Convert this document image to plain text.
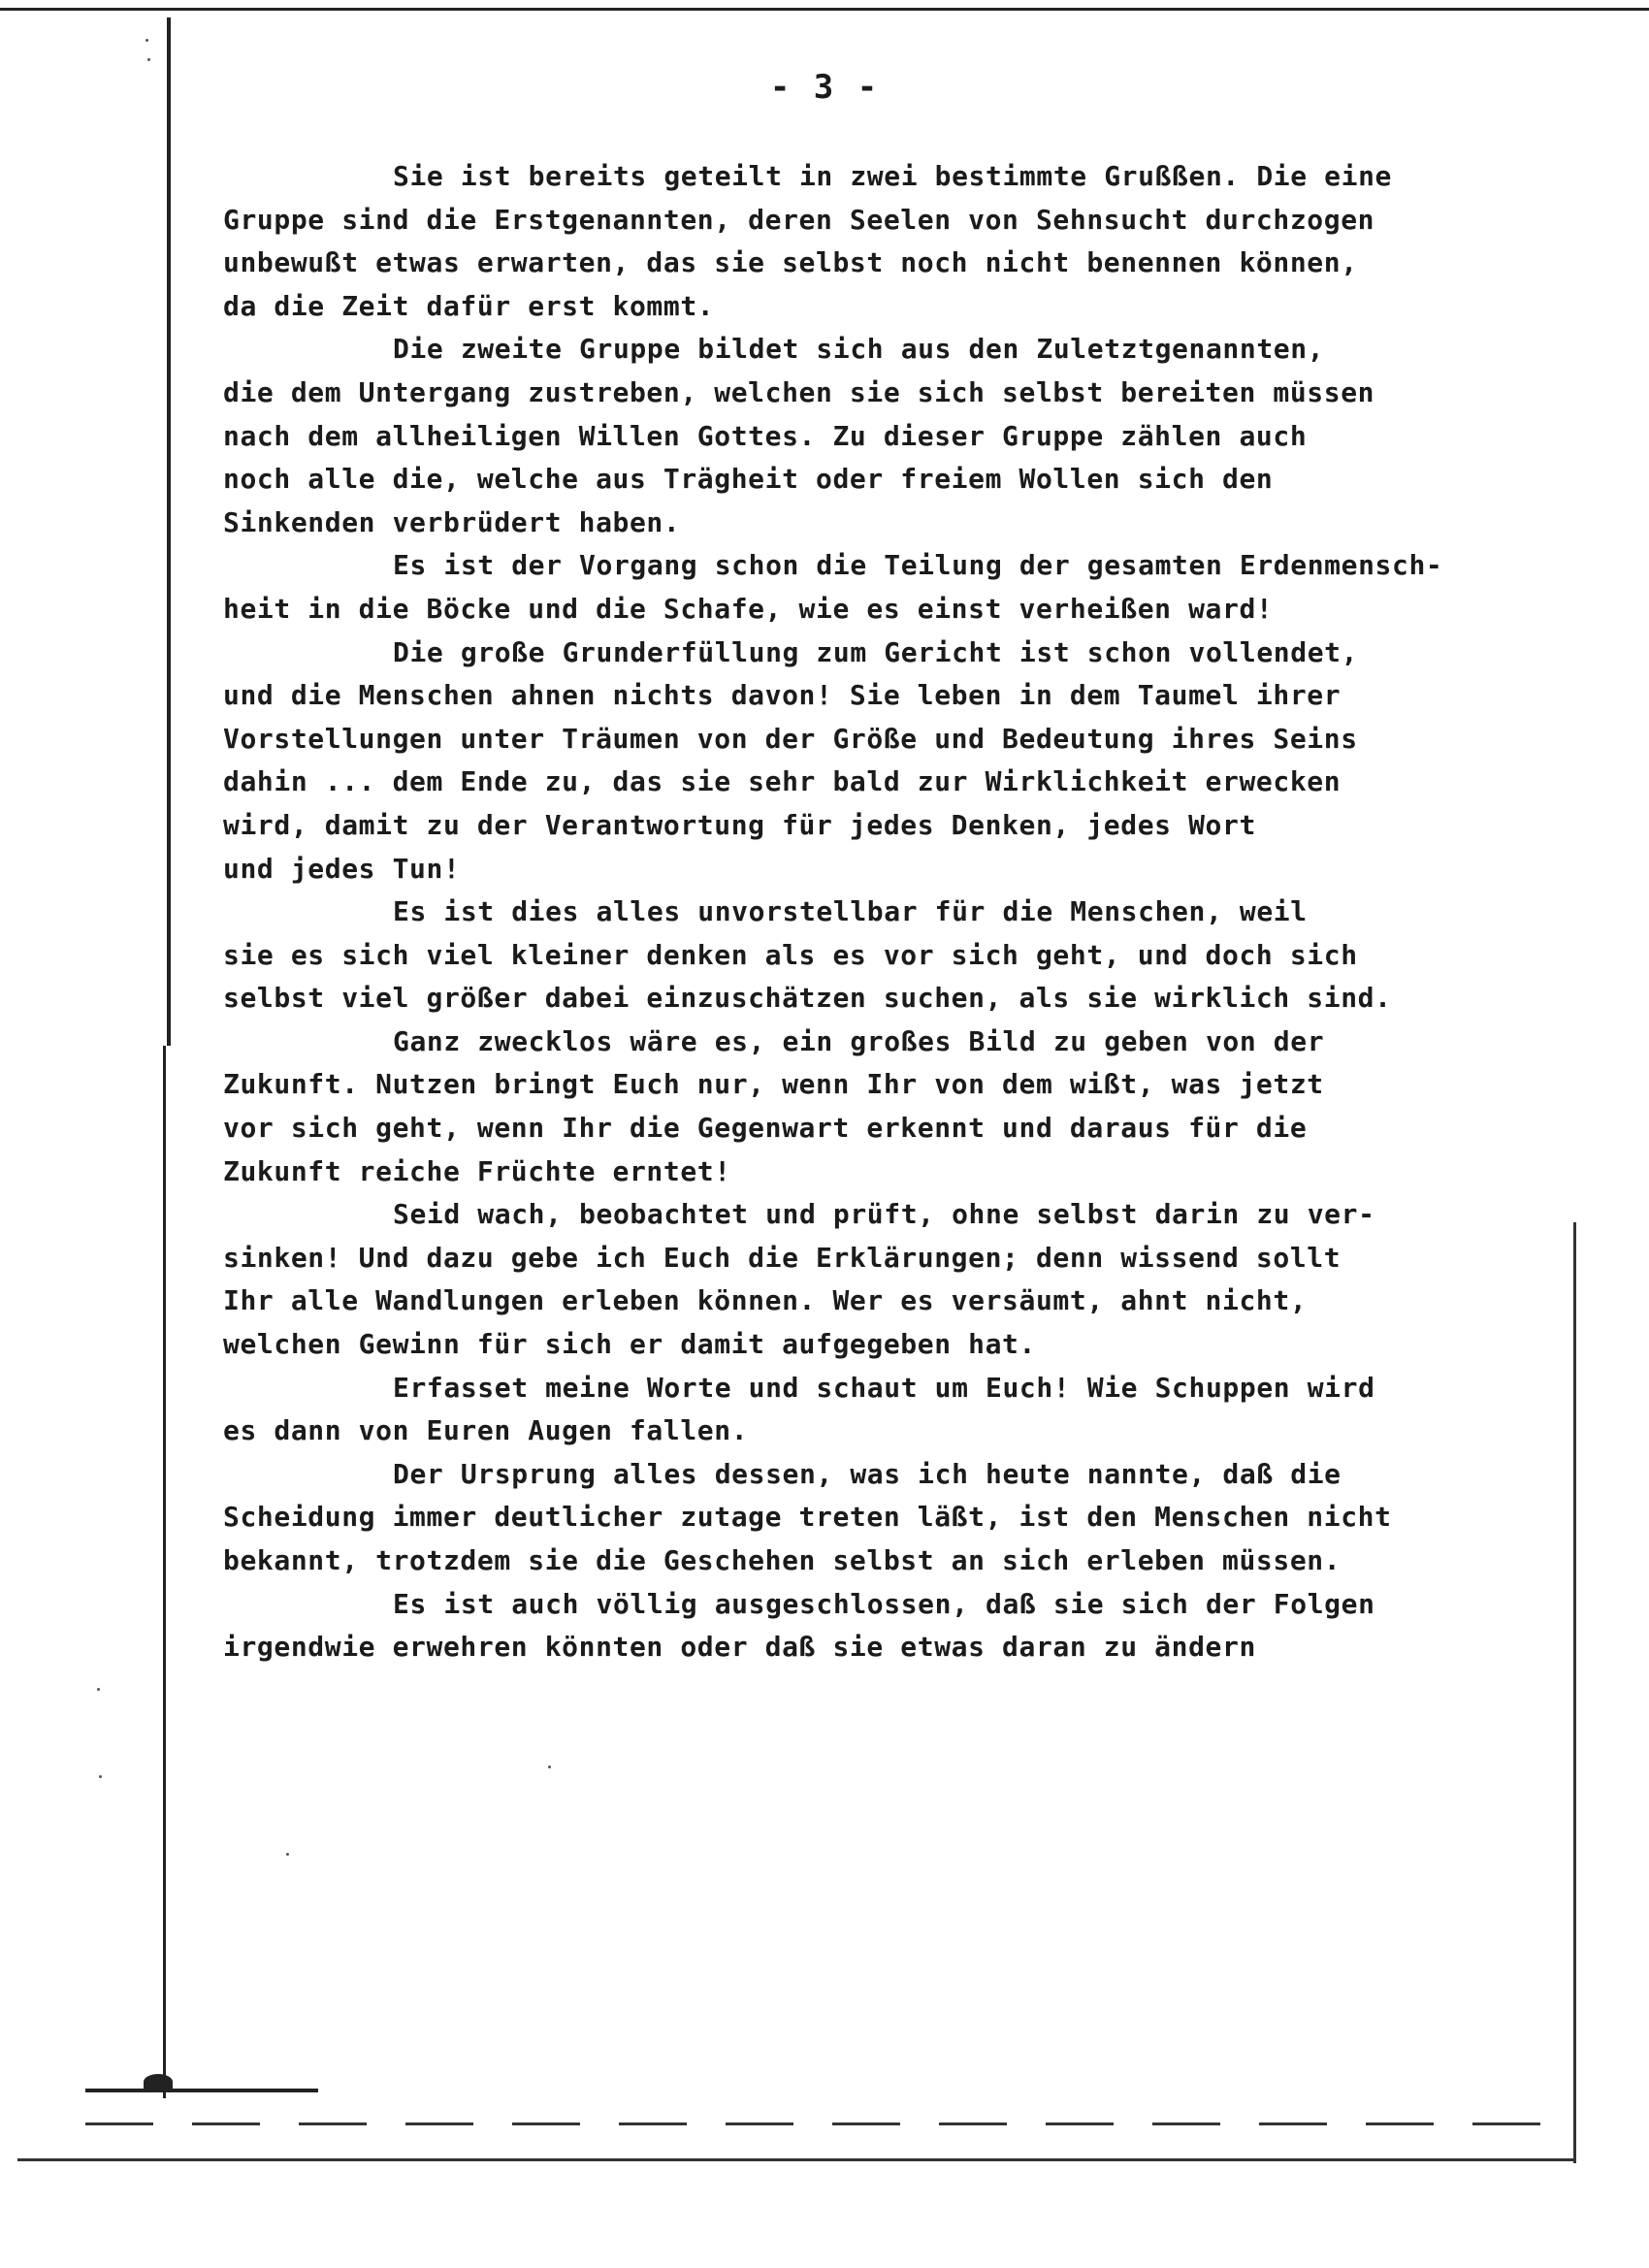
- 3 -
Sie ist bereits geteilt in zwei bestimmte Grußßen. Die eine
Gruppe sind die Erstgenannten, deren Seelen von Sehnsucht durchzogen
unbewußt etwas erwarten, das sie selbst noch nicht benennen können,
da die Zeit dafür erst kommt.
Die zweite Gruppe bildet sich aus den Zuletztgenannten,
die dem Untergang zustreben, welchen sie sich selbst bereiten müssen
nach dem allheiligen Willen Gottes. Zu dieser Gruppe zählen auch
noch alle die, welche aus Trägheit oder freiem Wollen sich den
Sinkenden verbrüdert haben.
Es ist der Vorgang schon die Teilung der gesamten Erdenmensch-
heit in die Böcke und die Schafe, wie es einst verheißen ward!
Die große Grunderfüllung zum Gericht ist schon vollendet,
und die Menschen ahnen nichts davon! Sie leben in dem Taumel ihrer
Vorstellungen unter Träumen von der Größe und Bedeutung ihres Seins
dahin ... dem Ende zu, das sie sehr bald zur Wirklichkeit erwecken
wird, damit zu der Verantwortung für jedes Denken, jedes Wort
und jedes Tun!
Es ist dies alles unvorstellbar für die Menschen, weil
sie es sich viel kleiner denken als es vor sich geht, und doch sich
selbst viel größer dabei einzuschätzen suchen, als sie wirklich sind.
Ganz zwecklos wäre es, ein großes Bild zu geben von der
Zukunft. Nutzen bringt Euch nur, wenn Ihr von dem wißt, was jetzt
vor sich geht, wenn Ihr die Gegenwart erkennt und daraus für die
Zukunft reiche Früchte erntet!
Seid wach, beobachtet und prüft, ohne selbst darin zu ver-
sinken! Und dazu gebe ich Euch die Erklärungen; denn wissend sollt
Ihr alle Wandlungen erleben können. Wer es versäumt, ahnt nicht,
welchen Gewinn für sich er damit aufgegeben hat.
Erfasset meine Worte und schaut um Euch! Wie Schuppen wird
es dann von Euren Augen fallen.
Der Ursprung alles dessen, was ich heute nannte, daß die
Scheidung immer deutlicher zutage treten läßt, ist den Menschen nicht
bekannt, trotzdem sie die Geschehen selbst an sich erleben müssen.
Es ist auch völlig ausgeschlossen, daß sie sich der Folgen
irgendwie erwehren könnten oder daß sie etwas daran zu ändern
